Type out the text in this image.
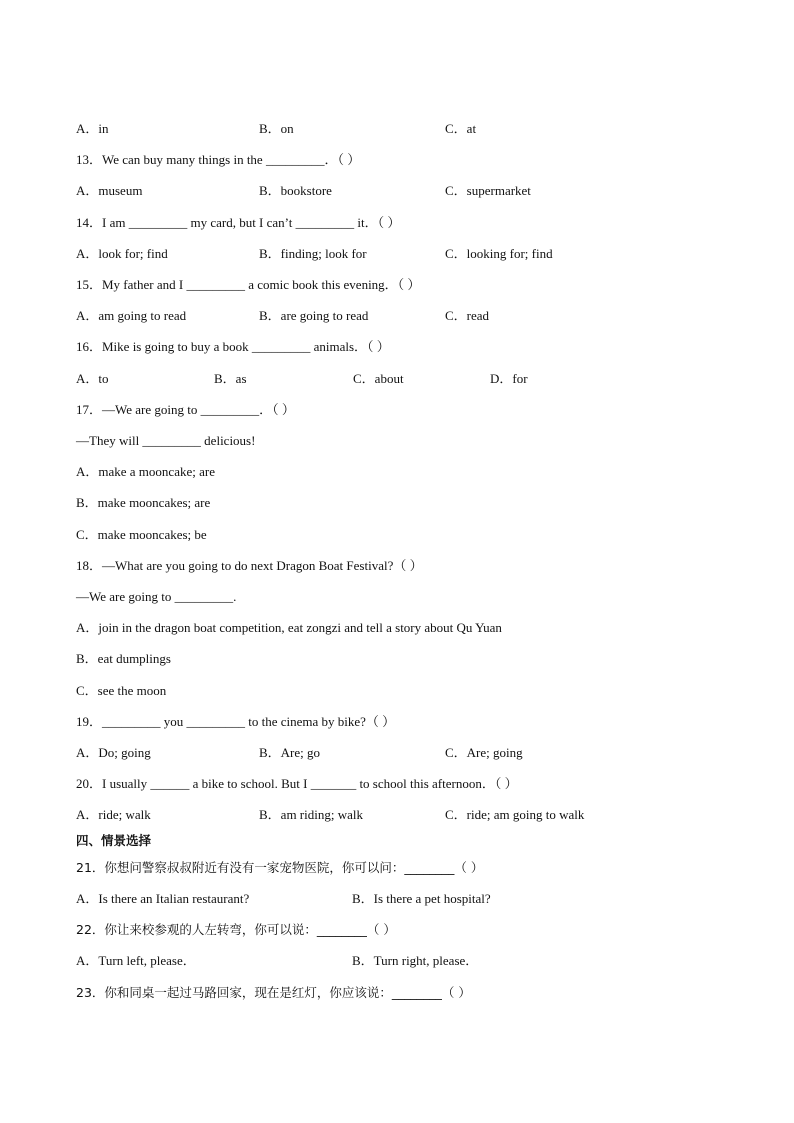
A．in	B．on	C．at
13．We can buy many things in the _________．（ ）
A．museum	B．bookstore	C．supermarket
14．I am _________ my card, but I can’t _________ it．（ ）
A．look for; find	B．finding; look for	C．looking for; find
15．My father and I _________ a comic book this evening．（ ）
A．am going to read	B．are going to read	C．read
16．Mike is going to buy a book _________ animals．（ ）
A．to	B．as	C．about	D．for
17．—We are going to _________．（ ）
—They will _________ delicious!
A．make a mooncake; are
B．make mooncakes; are
C．make mooncakes; be
18．—What are you going to do next Dragon Boat Festival?（ ）
—We are going to _________.
A．join in the dragon boat competition, eat zongzi and tell a story about Qu Yuan
B．eat dumplings
C．see the moon
19．_________ you _________ to the cinema by bike?（ ）
A．Do; going	B．Are; go	C．Are; going
20．I usually ______ a bike to school. But I _______ to school this afternoon．（ ）
A．ride; walk	B．am riding; walk	C．ride; am going to walk
四、情景选择
21．你想问警察叔叔附近有没有一家宠物医院，你可以问：________（ ）
A．Is there an Italian restaurant?	B．Is there a pet hospital?
22．你让来校参观的人左转弯，你可以说：________（ ）
A．Turn left, please．	B．Turn right, please．
23．你和同桌一起过马路回家，现在是红灯，你应该说：________（ ）
